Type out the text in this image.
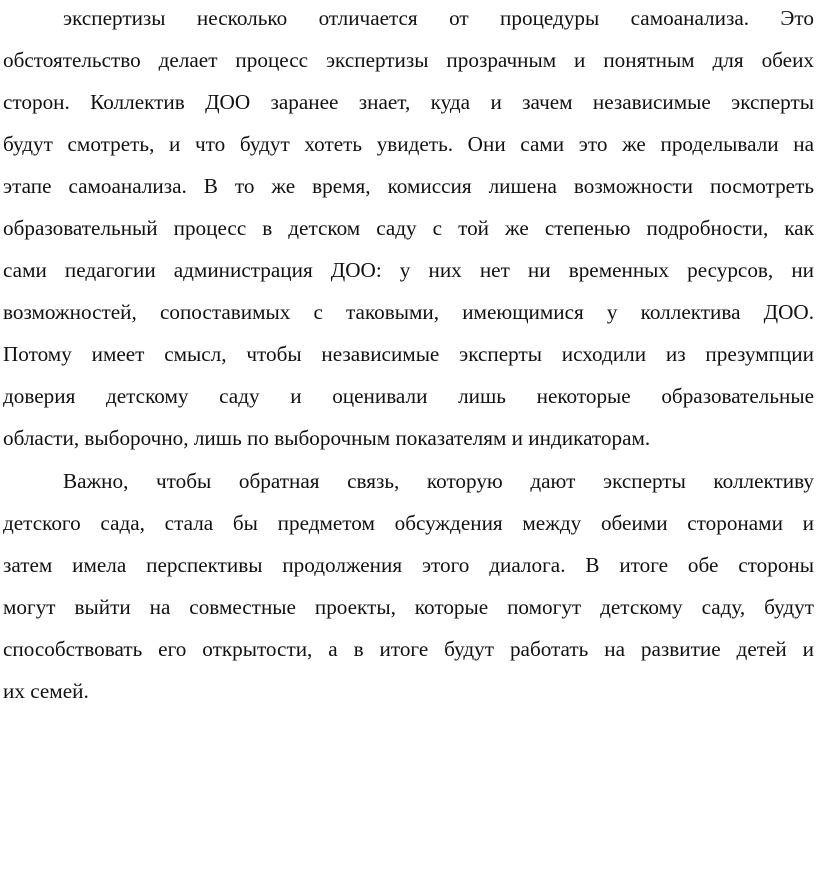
экспертизы несколько отличается от процедуры самоанализа. Это
обстоятельство делает процесс экспертизы прозрачным и понятным для обеих
сторон. Коллектив ДОО заранее знает, куда и зачем независимые эксперты
будут смотреть, и что будут хотеть увидеть. Они сами это же проделывали на
этапе самоанализа. В то же время, комиссия лишена возможности посмотреть
образовательный процесс в детском саду с той же степенью подробности, как
сами педагогии администрация ДОО: у них нет ни временных ресурсов, ни
возможностей, сопоставимых с таковыми, имеющимися у коллектива ДОО.
Потому имеет смысл, чтобы независимые эксперты исходили из презумпции
доверия детскому саду и оценивали лишь некоторые образовательные
области, выборочно, лишь по выборочным показателям и индикаторам.
Важно, чтобы обратная связь, которую дают эксперты коллективу
детского сада, стала бы предметом обсуждения между обеими сторонами и
затем имела перспективы продолжения этого диалога. В итоге обе стороны
могут выйти на совместные проекты, которые помогут детскому саду, будут
способствовать его открытости, а в итоге будут работать на развитие детей и
их семей.
